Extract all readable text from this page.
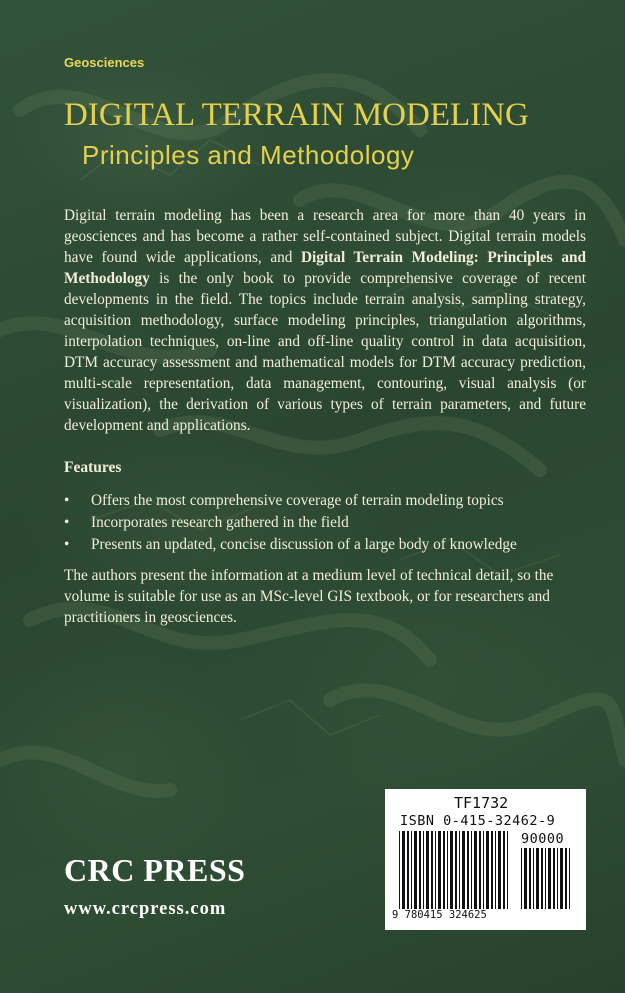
Geosciences
DIGITAL TERRAIN MODELING
Principles and Methodology

Digital terrain modeling has been a research area for more than 40 years in geosciences and has become a rather self-contained subject. Digital terrain models have found wide applications, and Digital Terrain Modeling: Principles and Methodology is the only book to provide comprehensive coverage of recent developments in the field. The topics include terrain analysis, sampling strategy, acquisition methodology, surface modeling principles, triangulation algorithms, interpolation techniques, on-line and off-line quality control in data acquisition, DTM accuracy assessment and mathematical models for DTM accuracy prediction, multi-scale representation, data management, contouring, visual analysis (or visualization), the derivation of various types of terrain parameters, and future development and applications.

Features
• Offers the most comprehensive coverage of terrain modeling topics
• Incorporates research gathered in the field
• Presents an updated, concise discussion of a large body of knowledge

The authors present the information at a medium level of technical detail, so the volume is suitable for use as an MSc-level GIS textbook, or for researchers and practitioners in geosciences.

CRC PRESS
www.crcpress.com
TF1732
ISBN 0-415-32462-9
90000
9 780415 324625
